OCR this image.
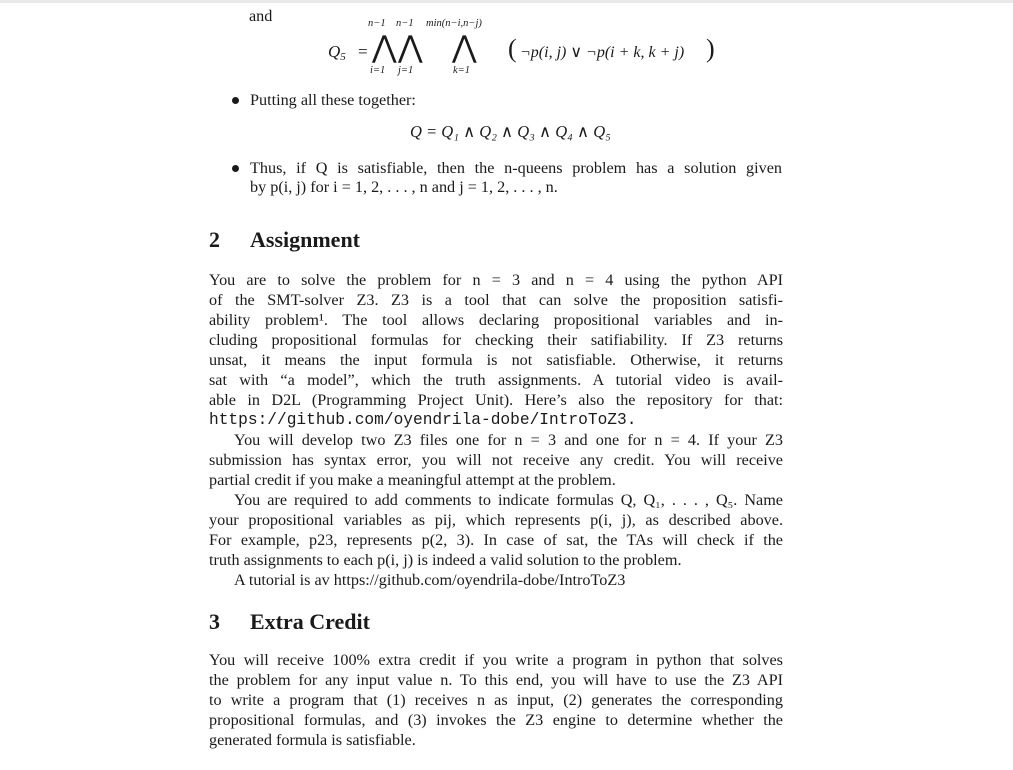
and
$Q_5$ =
n−1
⋀
i=1
n−1
⋀
j=1
min(n−i,n−j)
⋀
k=1
( ¬p(i, j) ∨ ¬p(i + k, k + j) )
Putting all these together:
Q = Q₁ ∧ Q₂ ∧ Q₃ ∧ Q₄ ∧ Q₅
Thus, if Q is satisfiable, then the n-queens problem has a solution given
by p(i, j) for i = 1, 2, . . . , n and j = 1, 2, . . . , n.
2 Assignment
You are to solve the problem for n = 3 and n = 4 using the python API
of the SMT-solver Z3. Z3 is a tool that can solve the proposition satisfi-
ability problem¹. The tool allows declaring propositional variables and in-
cluding propositional formulas for checking their satifiability. If Z3 returns
unsat, it means the input formula is not satisfiable. Otherwise, it returns
sat with “a model”, which the truth assignments. A tutorial video is avail-
able in D2L (Programming Project Unit). Here’s also the repository for that:
https://github.com/oyendrila-dobe/IntroToZ3.
You will develop two Z3 files one for n = 3 and one for n = 4. If your Z3
submission has syntax error, you will not receive any credit. You will receive
partial credit if you make a meaningful attempt at the problem.
You are required to add comments to indicate formulas Q, Q₁, . . . , Q₅. Name
your propositional variables as pij, which represents p(i, j), as described above.
For example, p23, represents p(2, 3). In case of sat, the TAs will check if the
truth assignments to each p(i, j) is indeed a valid solution to the problem.
A tutorial is av https://github.com/oyendrila-dobe/IntroToZ3
3 Extra Credit
You will receive 100% extra credit if you write a program in python that solves
the problem for any input value n. To this end, you will have to use the Z3 API
to write a program that (1) receives n as input, (2) generates the corresponding
propositional formulas, and (3) invokes the Z3 engine to determine whether the
generated formula is satisfiable.
